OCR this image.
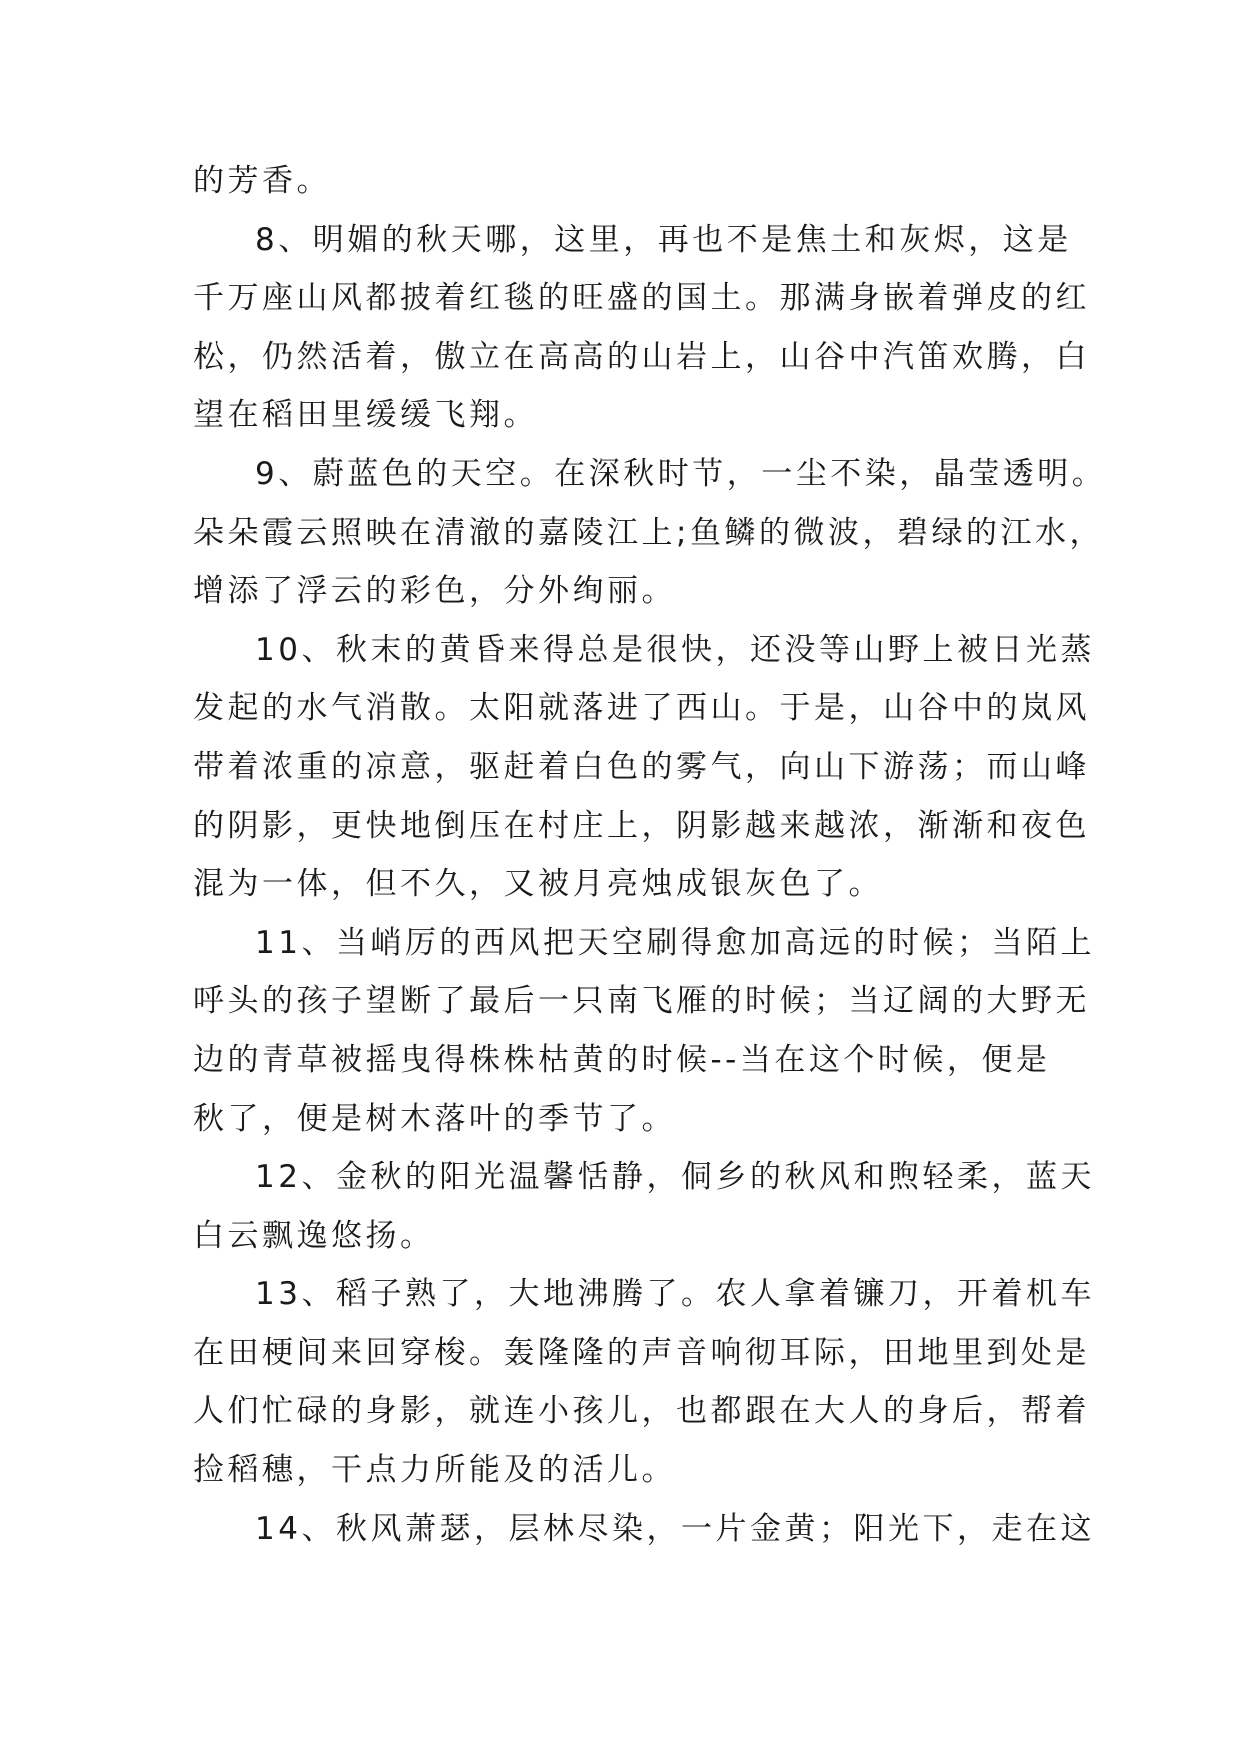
的芳香。
8、明媚的秋天哪，这里，再也不是焦土和灰烬，这是
千万座山风都披着红毯的旺盛的国土。那满身嵌着弹皮的红
松，仍然活着，傲立在高高的山岩上，山谷中汽笛欢腾，白
望在稻田里缓缓飞翔。
9、蔚蓝色的天空。在深秋时节，一尘不染，晶莹透明。
朵朵霞云照映在清澈的嘉陵江上;鱼鳞的微波，碧绿的江水，
增添了浮云的彩色，分外绚丽。
10、秋末的黄昏来得总是很快，还没等山野上被日光蒸
发起的水气消散。太阳就落进了西山。于是，山谷中的岚风
带着浓重的凉意，驱赶着白色的雾气，向山下游荡；而山峰
的阴影，更快地倒压在村庄上，阴影越来越浓，渐渐和夜色
混为一体，但不久，又被月亮烛成银灰色了。
11、当峭厉的西风把天空刷得愈加高远的时候；当陌上
呼头的孩子望断了最后一只南飞雁的时候；当辽阔的大野无
边的青草被摇曳得株株枯黄的时候--当在这个时候，便是
秋了，便是树木落叶的季节了。
12、金秋的阳光温馨恬静，侗乡的秋风和煦轻柔，蓝天
白云飘逸悠扬。
13、稻子熟了，大地沸腾了。农人拿着镰刀，开着机车
在田梗间来回穿梭。轰隆隆的声音响彻耳际，田地里到处是
人们忙碌的身影，就连小孩儿，也都跟在大人的身后，帮着
捡稻穗，干点力所能及的活儿。
14、秋风萧瑟，层林尽染，一片金黄；阳光下，走在这
